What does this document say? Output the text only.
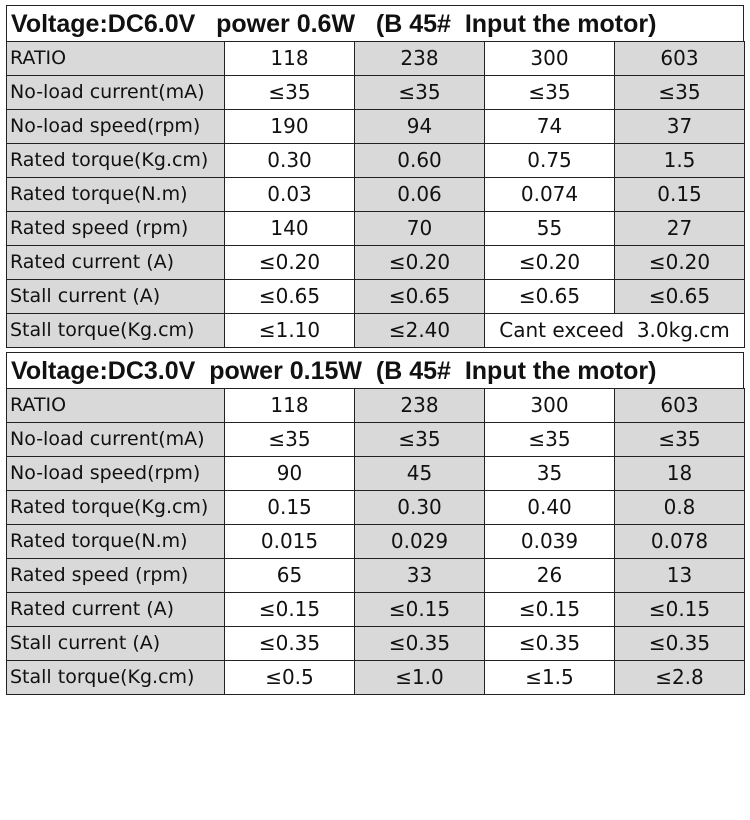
Voltage:DC6.0V   power 0.6W   (B 45#  Input the motor)
RATIO	118	238	300	603
No-load current(mA)	≤35	≤35	≤35	≤35
No-load speed(rpm)	190	94	74	37
Rated torque(Kg.cm)	0.30	0.60	0.75	1.5
Rated torque(N.m)	0.03	0.06	0.074	0.15
Rated speed (rpm)	140	70	55	27
Rated current (A)	≤0.20	≤0.20	≤0.20	≤0.20
Stall current (A)	≤0.65	≤0.65	≤0.65	≤0.65
Stall torque(Kg.cm)	≤1.10	≤2.40	Cant exceed  3.0kg.cm	
Voltage:DC3.0V  power 0.15W  (B 45#  Input the motor)
RATIO	118	238	300	603
No-load current(mA)	≤35	≤35	≤35	≤35
No-load speed(rpm)	90	45	35	18
Rated torque(Kg.cm)	0.15	0.30	0.40	0.8
Rated torque(N.m)	0.015	0.029	0.039	0.078
Rated speed (rpm)	65	33	26	13
Rated current (A)	≤0.15	≤0.15	≤0.15	≤0.15
Stall current (A)	≤0.35	≤0.35	≤0.35	≤0.35
Stall torque(Kg.cm)	≤0.5	≤1.0	≤1.5	≤2.8
